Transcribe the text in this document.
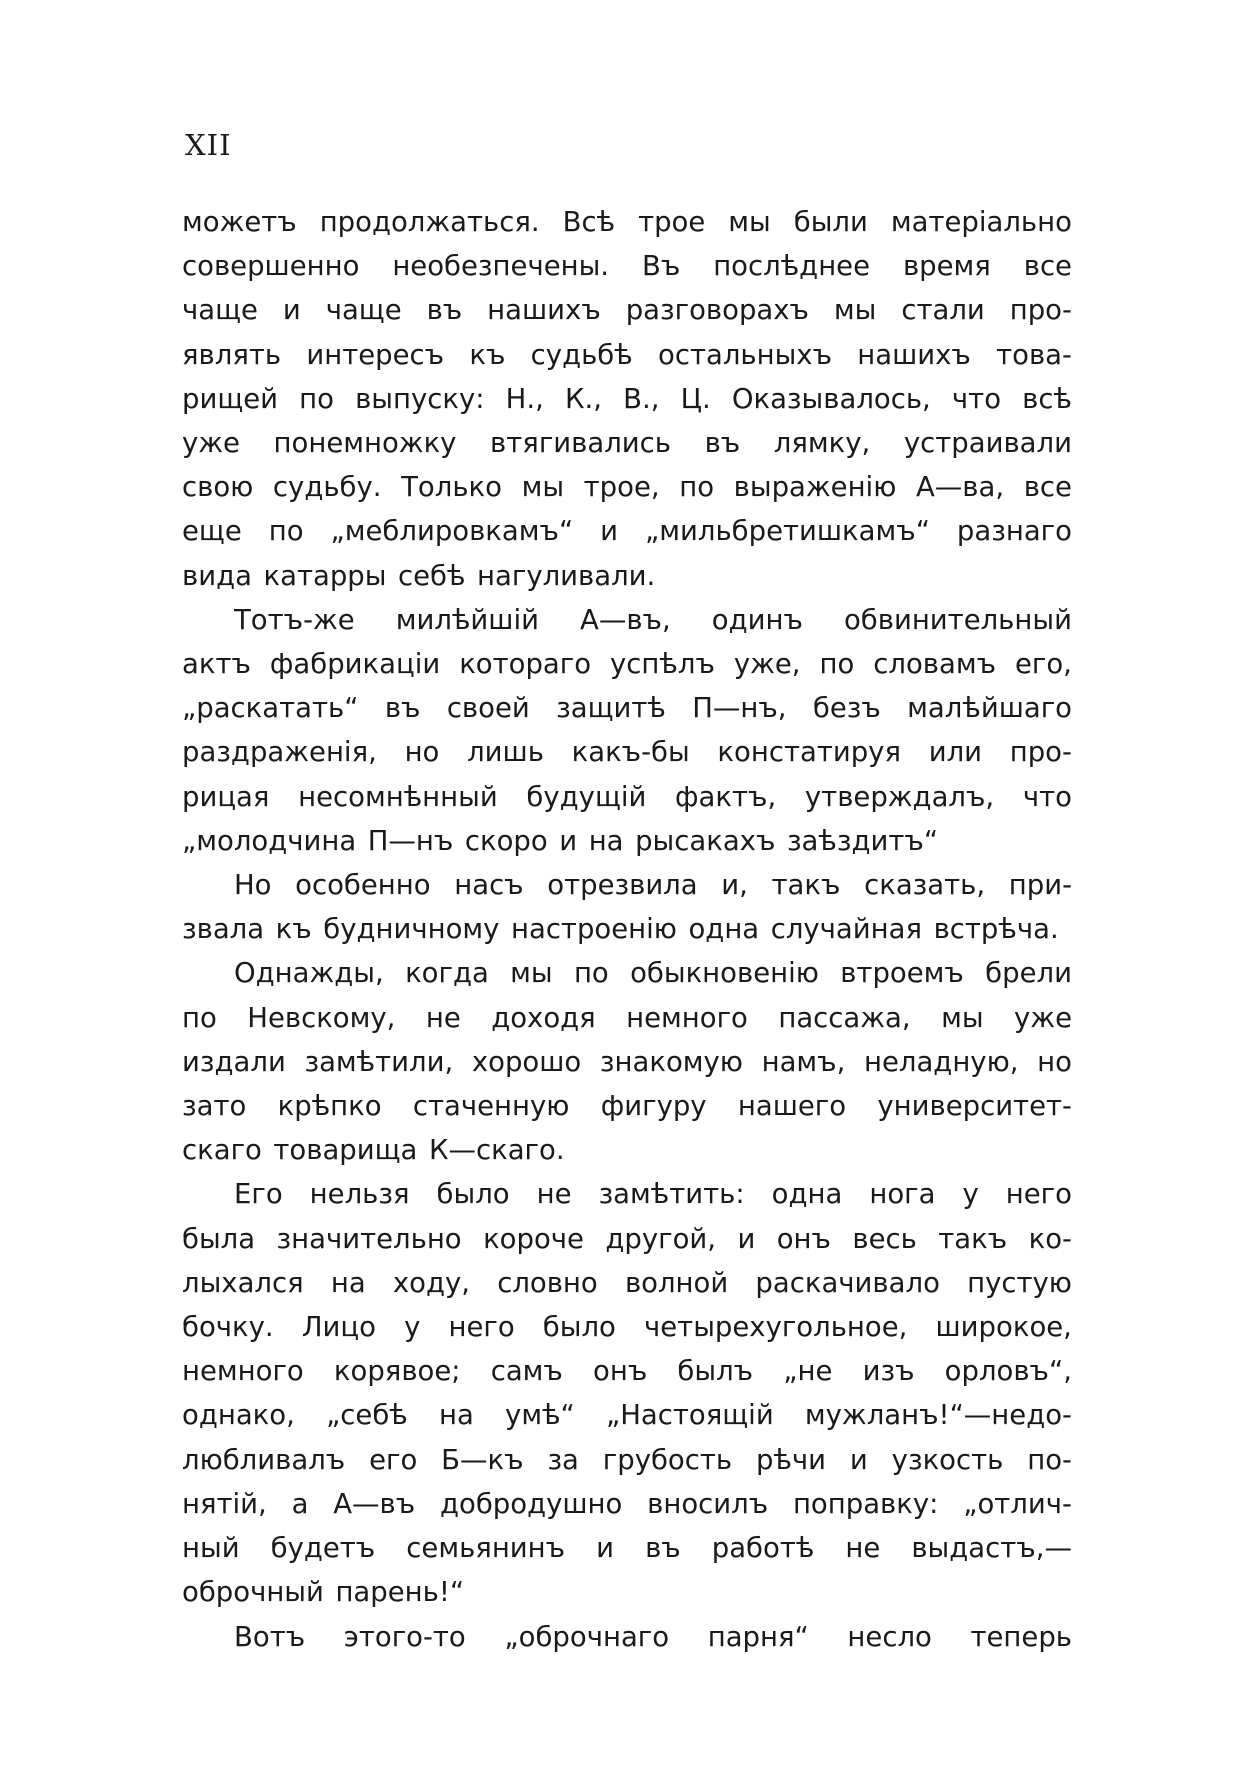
XII
можетъ продолжаться. Всѣ трое мы были матеріально
совершенно необезпечены. Въ послѣднее время все
чаще и чаще въ нашихъ разговорахъ мы стали про-
являть интересъ къ судьбѣ остальныхъ нашихъ това-
рищей по выпуску: Н., К., В., Ц. Оказывалось, что всѣ
уже понемножку втягивались въ лямку, устраивали
свою судьбу. Только мы трое, по выраженію А—ва, все
еще по „меблировкамъ“ и „мильбретишкамъ“ разнаго
вида катарры себѣ нагуливали.
Тотъ-же милѣйшій А—въ, одинъ обвинительный
актъ фабрикаціи котораго успѣлъ уже, по словамъ его,
„раскатать“ въ своей защитѣ П—нъ, безъ малѣйшаго
раздраженія, но лишь какъ-бы констатируя или про-
рицая несомнѣнный будущій фактъ, утверждалъ, что
„молодчина П—нъ скоро и на рысакахъ заѣздитъ“
Но особенно насъ отрезвила и, такъ сказать, при-
звала къ будничному настроенію одна случайная встрѣча.
Однажды, когда мы по обыкновенію втроемъ брели
по Невскому, не доходя немного пассажа, мы уже
издали замѣтили, хорошо знакомую намъ, неладную, но
зато крѣпко стаченную фигуру нашего университет-
скаго товарища К—скаго.
Его нельзя было не замѣтить: одна нога у него
была значительно короче другой, и онъ весь такъ ко-
лыхался на ходу, словно волной раскачивало пустую
бочку. Лицо у него было четырехугольное, широкое,
немного корявое; самъ онъ былъ „не изъ орловъ“,
однако, „себѣ на умѣ“ „Настоящій мужланъ!“—недо-
любливалъ его Б—къ за грубость рѣчи и узкость по-
нятій, а А—въ добродушно вносилъ поправку: „отлич-
ный будетъ семьянинъ и въ работѣ не выдастъ,—
оброчный парень!“
Вотъ этого-то „оброчнаго парня“ несло теперь
